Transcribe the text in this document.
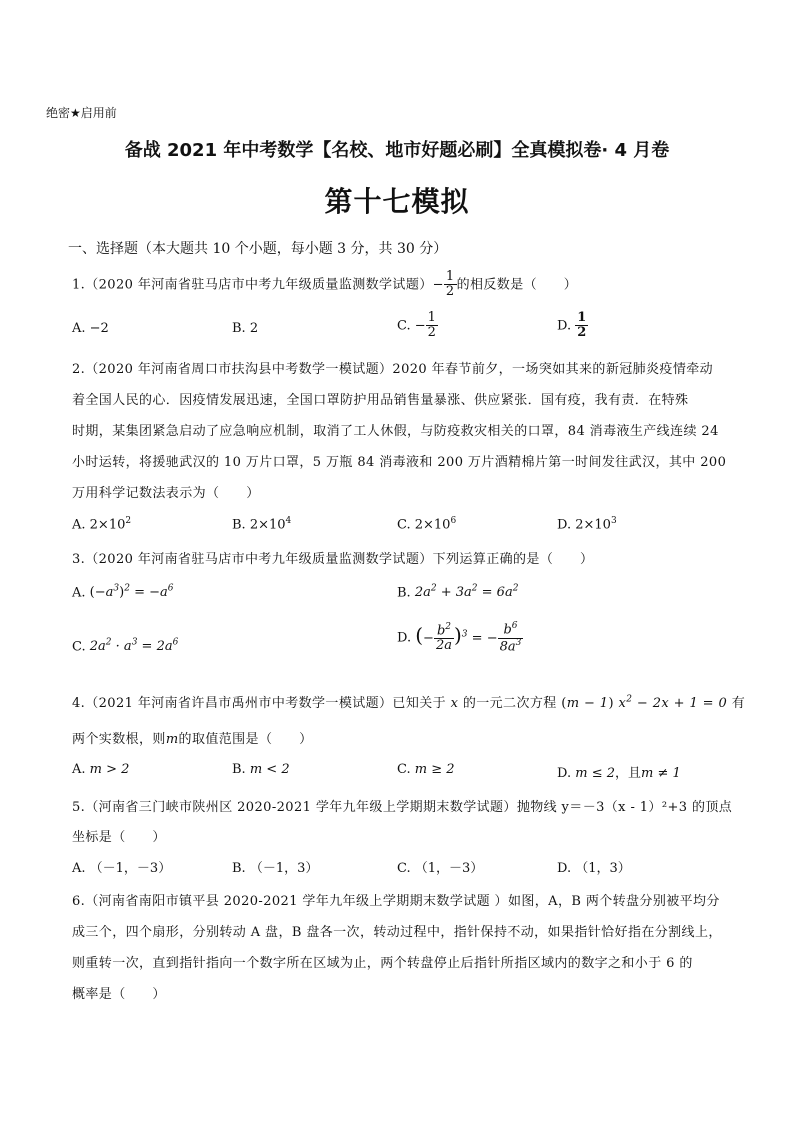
绝密★启用前
备战 2021 年中考数学【名校、地市好题必刷】全真模拟卷· 4 月卷
第十七模拟
一、选择题（本大题共 10 个小题，每小题 3 分，共 30 分）
1.（2020 年河南省驻马店市中考九年级质量监测数学试题）− $\frac{1}{2}$ 的相反数是（　　）
A. −2	B. 2	C. − $\frac{1}{2}$	D. $\frac{1}{2}$
2.（2020 年河南省周口市扶沟县中考数学一模试题）2020 年春节前夕，一场突如其来的新冠肺炎疫情牵动
着全国人民的心．因疫情发展迅速，全国口罩防护用品销售量暴涨、供应紧张．国有疫，我有责．在特殊
时期，某集团紧急启动了应急响应机制，取消了工人休假，与防疫救灾相关的口罩，84 消毒液生产线连续 24
小时运转，将援驰武汉的 10 万片口罩，5 万瓶 84 消毒液和 200 万片酒精棉片第一时间发往武汉，其中 200
万用科学记数法表示为（　　）
A. $2\times 10^2$	B. $2\times 10^4$	C. $2\times 10^6$	D. $2\times 10^3$
3.（2020 年河南省驻马店市中考九年级质量监测数学试题）下列运算正确的是（　　）
A. $(-a^3)^2 = -a^6$	B. $2a^2 + 3a^2 = 6a^2$
C. $2a^2 \cdot a^3 = 2a^6$	D. (− $\frac{b^2}{2a} )^3$ = − $\frac{b^6}{8a^3}$
4.（2021 年河南省许昌市禹州市中考数学一模试题）已知关于 x 的一元二次方程 (m − 1) $x^2 - 2x + 1 = 0$ 有
两个实数根，则m的取值范围是（　　）
A. m > 2	B. m < 2	C. m ≥ 2	D. m ≤ 2，且m ≠ 1
5.（河南省三门峡市陕州区 2020-2021 学年九年级上学期期末数学试题）抛物线 y＝－3（x - 1）²+3 的顶点
坐标是（　　）
A. （－1，－3）	B. （－1，3）	C. （1，－3）	D. （1，3）
6.（河南省南阳市镇平县 2020-2021 学年九年级上学期期末数学试题 ）如图，A，B 两个转盘分别被平均分
成三个，四个扇形，分别转动 A 盘，B 盘各一次，转动过程中，指针保持不动，如果指针恰好指在分割线上，
则重转一次，直到指针指向一个数字所在区域为止，两个转盘停止后指针所指区域内的数字之和小于 6 的
概率是（　　）
